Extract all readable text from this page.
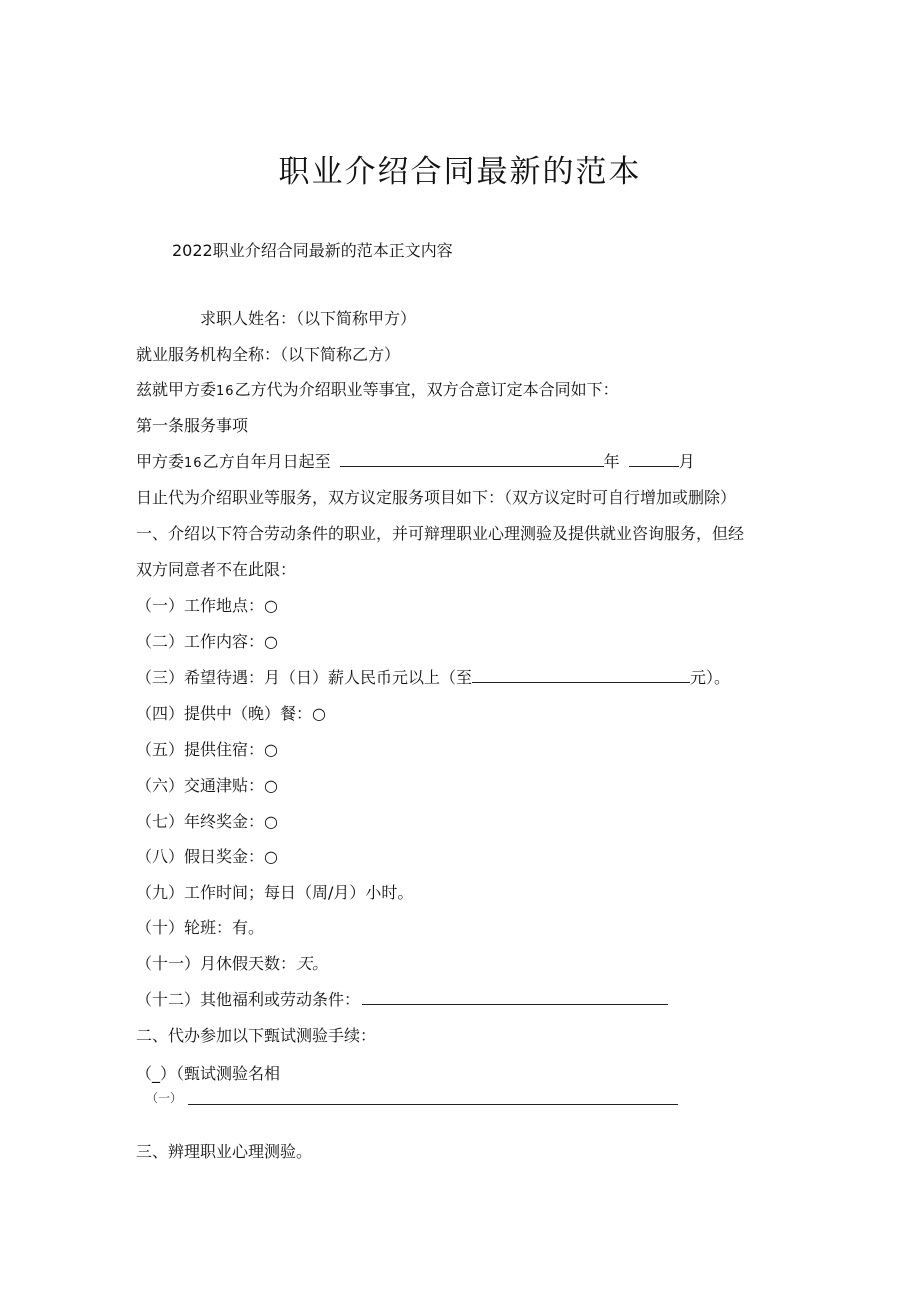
职业介绍合同最新的范本
2022职业介绍合同最新的范本正文内容
求职人姓名：（以下简称甲方）
就业服务机构全称：（以下简称乙方）
兹就甲方委16乙方代为介绍职业等事宜，双方合意订定本合同如下：
第一条服务事项
甲方委16乙方自年月日起至	年	月
日止代为介绍职业等服务，双方议定服务项目如下：（双方议定时可自行增加或删除）
一、介绍以下符合劳动条件的职业，并可辩理职业心理测验及提供就业咨询服务，但经
双方同意者不在此限：
（一）工作地点：○
（二）工作内容：○
（三）希望待遇：月（日）薪人民币元以上（至	元）。
（四）提供中（晚）餐：○
（五）提供住宿：○
（六）交通津贴：○
（七）年终奖金：○
（八）假日奖金：○
（九）工作时间；每日（周/月）小时。
（十）轮班：有。
（十一）月休假天数：天。
（十二）其他福利或劳动条件：
二、代办参加以下甄试测验手续：
（_）（甄试测验名相
（一）
三、辨理职业心理测验。
